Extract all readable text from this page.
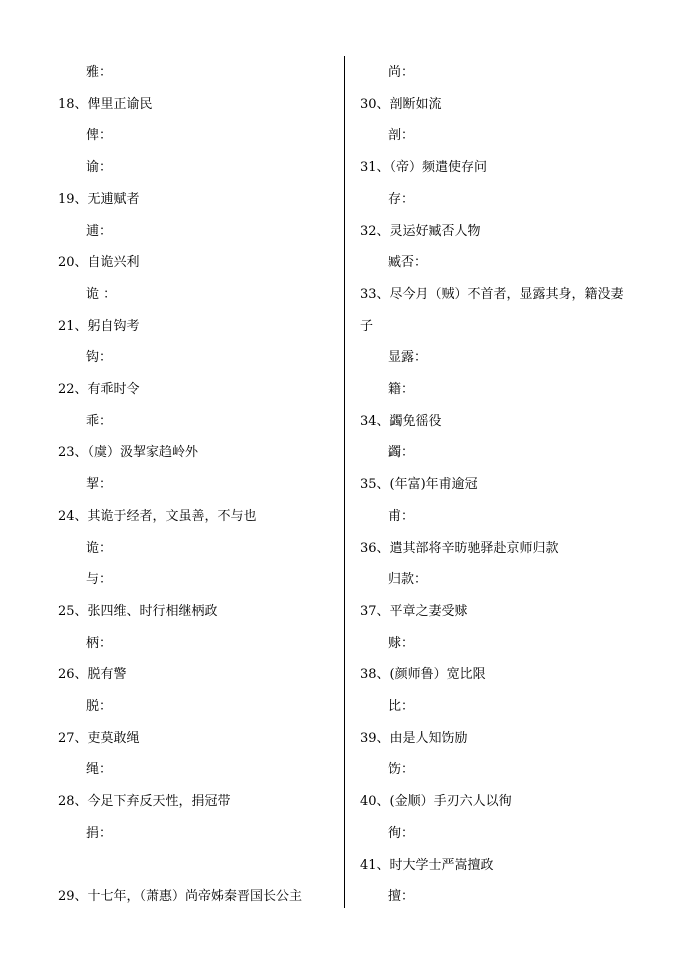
雅：
18、俾里正谕民
俾：
谕：
19、无逋赋者
逋：
20、自诡兴利
诡 ：
21、躬自钩考
钩：
22、有乖时令
乖：
23、（虞）汲挈家趋岭外
挈：
24、其诡于经者，文虽善，不与也
诡：
与：
25、张四维、时行相继柄政
柄：
26、脱有警
脱：
27、吏莫敢绳
绳：
28、今足下弃反天性，捐冠带
捐：
29、十七年，（萧惠）尚帝姊秦晋国长公主
尚：
30、剖断如流
剖：
31、（帝）频遣使存问
存：
32、灵运好臧否人物
臧否：
33、尽今月（贼）不首者，显露其身，籍没妻
子
显露：
籍：
34、蠲免徭役
蠲：
35、(年富)年甫逾冠
甫：
36、遣其部将辛昉驰驿赴京师归款
归款：
37、平章之妻受赇
赇：
38、(颜师鲁）宽比限
比：
39、由是人知饬励
饬：
40、(金顺）手刃六人以徇
徇：
41、时大学士严嵩擅政
擅：
